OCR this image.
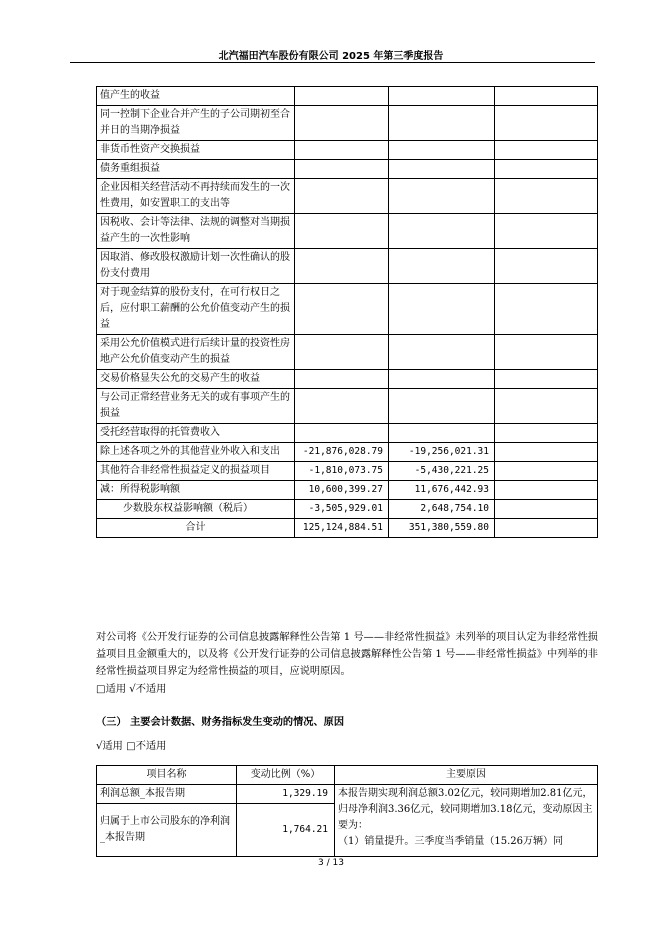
北汽福田汽车股份有限公司 2025 年第三季度报告
值产生的收益			
同一控制下企业合并产生的子公司期初至合并日的当期净损益			
非货币性资产交换损益			
债务重组损益			
企业因相关经营活动不再持续而发生的一次性费用，如安置职工的支出等			
因税收、会计等法律、法规的调整对当期损益产生的一次性影响			
因取消、修改股权激励计划一次性确认的股份支付费用			
对于现金结算的股份支付，在可行权日之后，应付职工薪酬的公允价值变动产生的损益			
采用公允价值模式进行后续计量的投资性房地产公允价值变动产生的损益			
交易价格显失公允的交易产生的收益			
与公司正常经营业务无关的或有事项产生的损益			
受托经营取得的托管费收入			
除上述各项之外的其他营业外收入和支出	-21,876,028.79	-19,256,021.31	
其他符合非经常性损益定义的损益项目	-1,810,073.75	-5,430,221.25	
减：所得税影响额	10,600,399.27	11,676,442.93	
少数股东权益影响额（税后）	-3,505,929.01	2,648,754.10	
合计	125,124,884.51	351,380,559.80	
对公司将《公开发行证券的公司信息披露解释性公告第 1 号——非经常性损益》未列举的项目认定为非经常性损益项目且金额重大的，以及将《公开发行证券的公司信息披露解释性公告第 1 号——非经常性损益》中列举的非经常性损益项目界定为经常性损益的项目，应说明原因。
□适用 √不适用
（三） 主要会计数据、财务指标发生变动的情况、原因
√适用 □不适用
项目名称	变动比例（%）	主要原因
利润总额_本报告期	1,329.19	本报告期实现利润总额3.02亿元，较同期增加2.81亿元，归母净利润3.36亿元，较同期增加3.18亿元，变动原因主要为：
（1）销量提升。三季度当季销量（15.26万辆）同

归属于上市公司股东的净利润_本报告期	1,764.21	
3 / 13
